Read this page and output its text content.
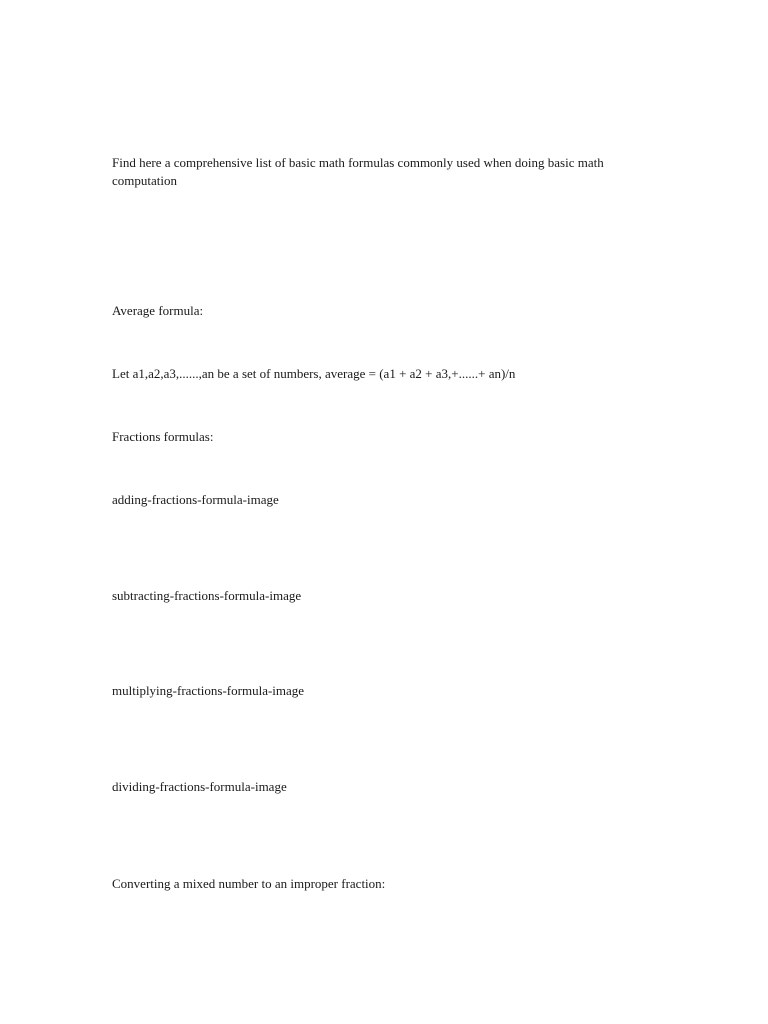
Find here a comprehensive list of basic math formulas commonly used when doing basic math computation

Average formula:

Let a1,a2,a3,......,an be a set of numbers, average = (a1 + a2 + a3,+......+ an)/n

Fractions formulas:

adding-fractions-formula-image

subtracting-fractions-formula-image

multiplying-fractions-formula-image

dividing-fractions-formula-image

Converting a mixed number to an improper fraction:
